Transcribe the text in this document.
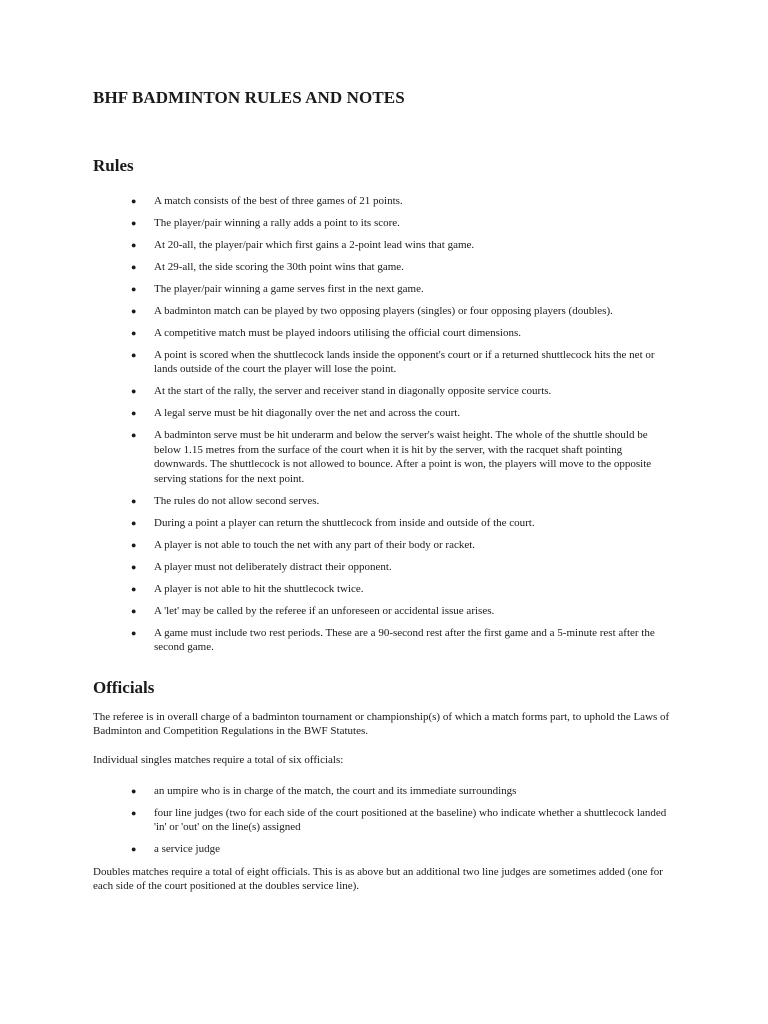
BHF BADMINTON RULES AND NOTES
Rules
● A match consists of the best of three games of 21 points.
● The player/pair winning a rally adds a point to its score.
● At 20-all, the player/pair which first gains a 2-point lead wins that game.
● At 29-all, the side scoring the 30th point wins that game.
● The player/pair winning a game serves first in the next game.
● A badminton match can be played by two opposing players (singles) or four opposing players (doubles).
● A competitive match must be played indoors utilising the official court dimensions.
● A point is scored when the shuttlecock lands inside the opponent's court or if a returned shuttlecock hits the net or lands outside of the court the player will lose the point.
● At the start of the rally, the server and receiver stand in diagonally opposite service courts.
● A legal serve must be hit diagonally over the net and across the court.
● A badminton serve must be hit underarm and below the server's waist height. The whole of the shuttle should be below 1.15 metres from the surface of the court when it is hit by the server, with the racquet shaft pointing downwards. The shuttlecock is not allowed to bounce. After a point is won, the players will move to the opposite serving stations for the next point.
● The rules do not allow second serves.
● During a point a player can return the shuttlecock from inside and outside of the court.
● A player is not able to touch the net with any part of their body or racket.
● A player must not deliberately distract their opponent.
● A player is not able to hit the shuttlecock twice.
● A 'let' may be called by the referee if an unforeseen or accidental issue arises.
● A game must include two rest periods. These are a 90-second rest after the first game and a 5-minute rest after the second game.
Officials

The referee is in overall charge of a badminton tournament or championship(s) of which a match forms part, to uphold the Laws of Badminton and Competition Regulations in the BWF Statutes.

Individual singles matches require a total of six officials:

● an umpire who is in charge of the match, the court and its immediate surroundings
● four line judges (two for each side of the court positioned at the baseline) who indicate whether a shuttlecock landed 'in' or 'out' on the line(s) assigned
● a service judge

Doubles matches require a total of eight officials. This is as above but an additional two line judges are sometimes added (one for each side of the court positioned at the doubles service line).
